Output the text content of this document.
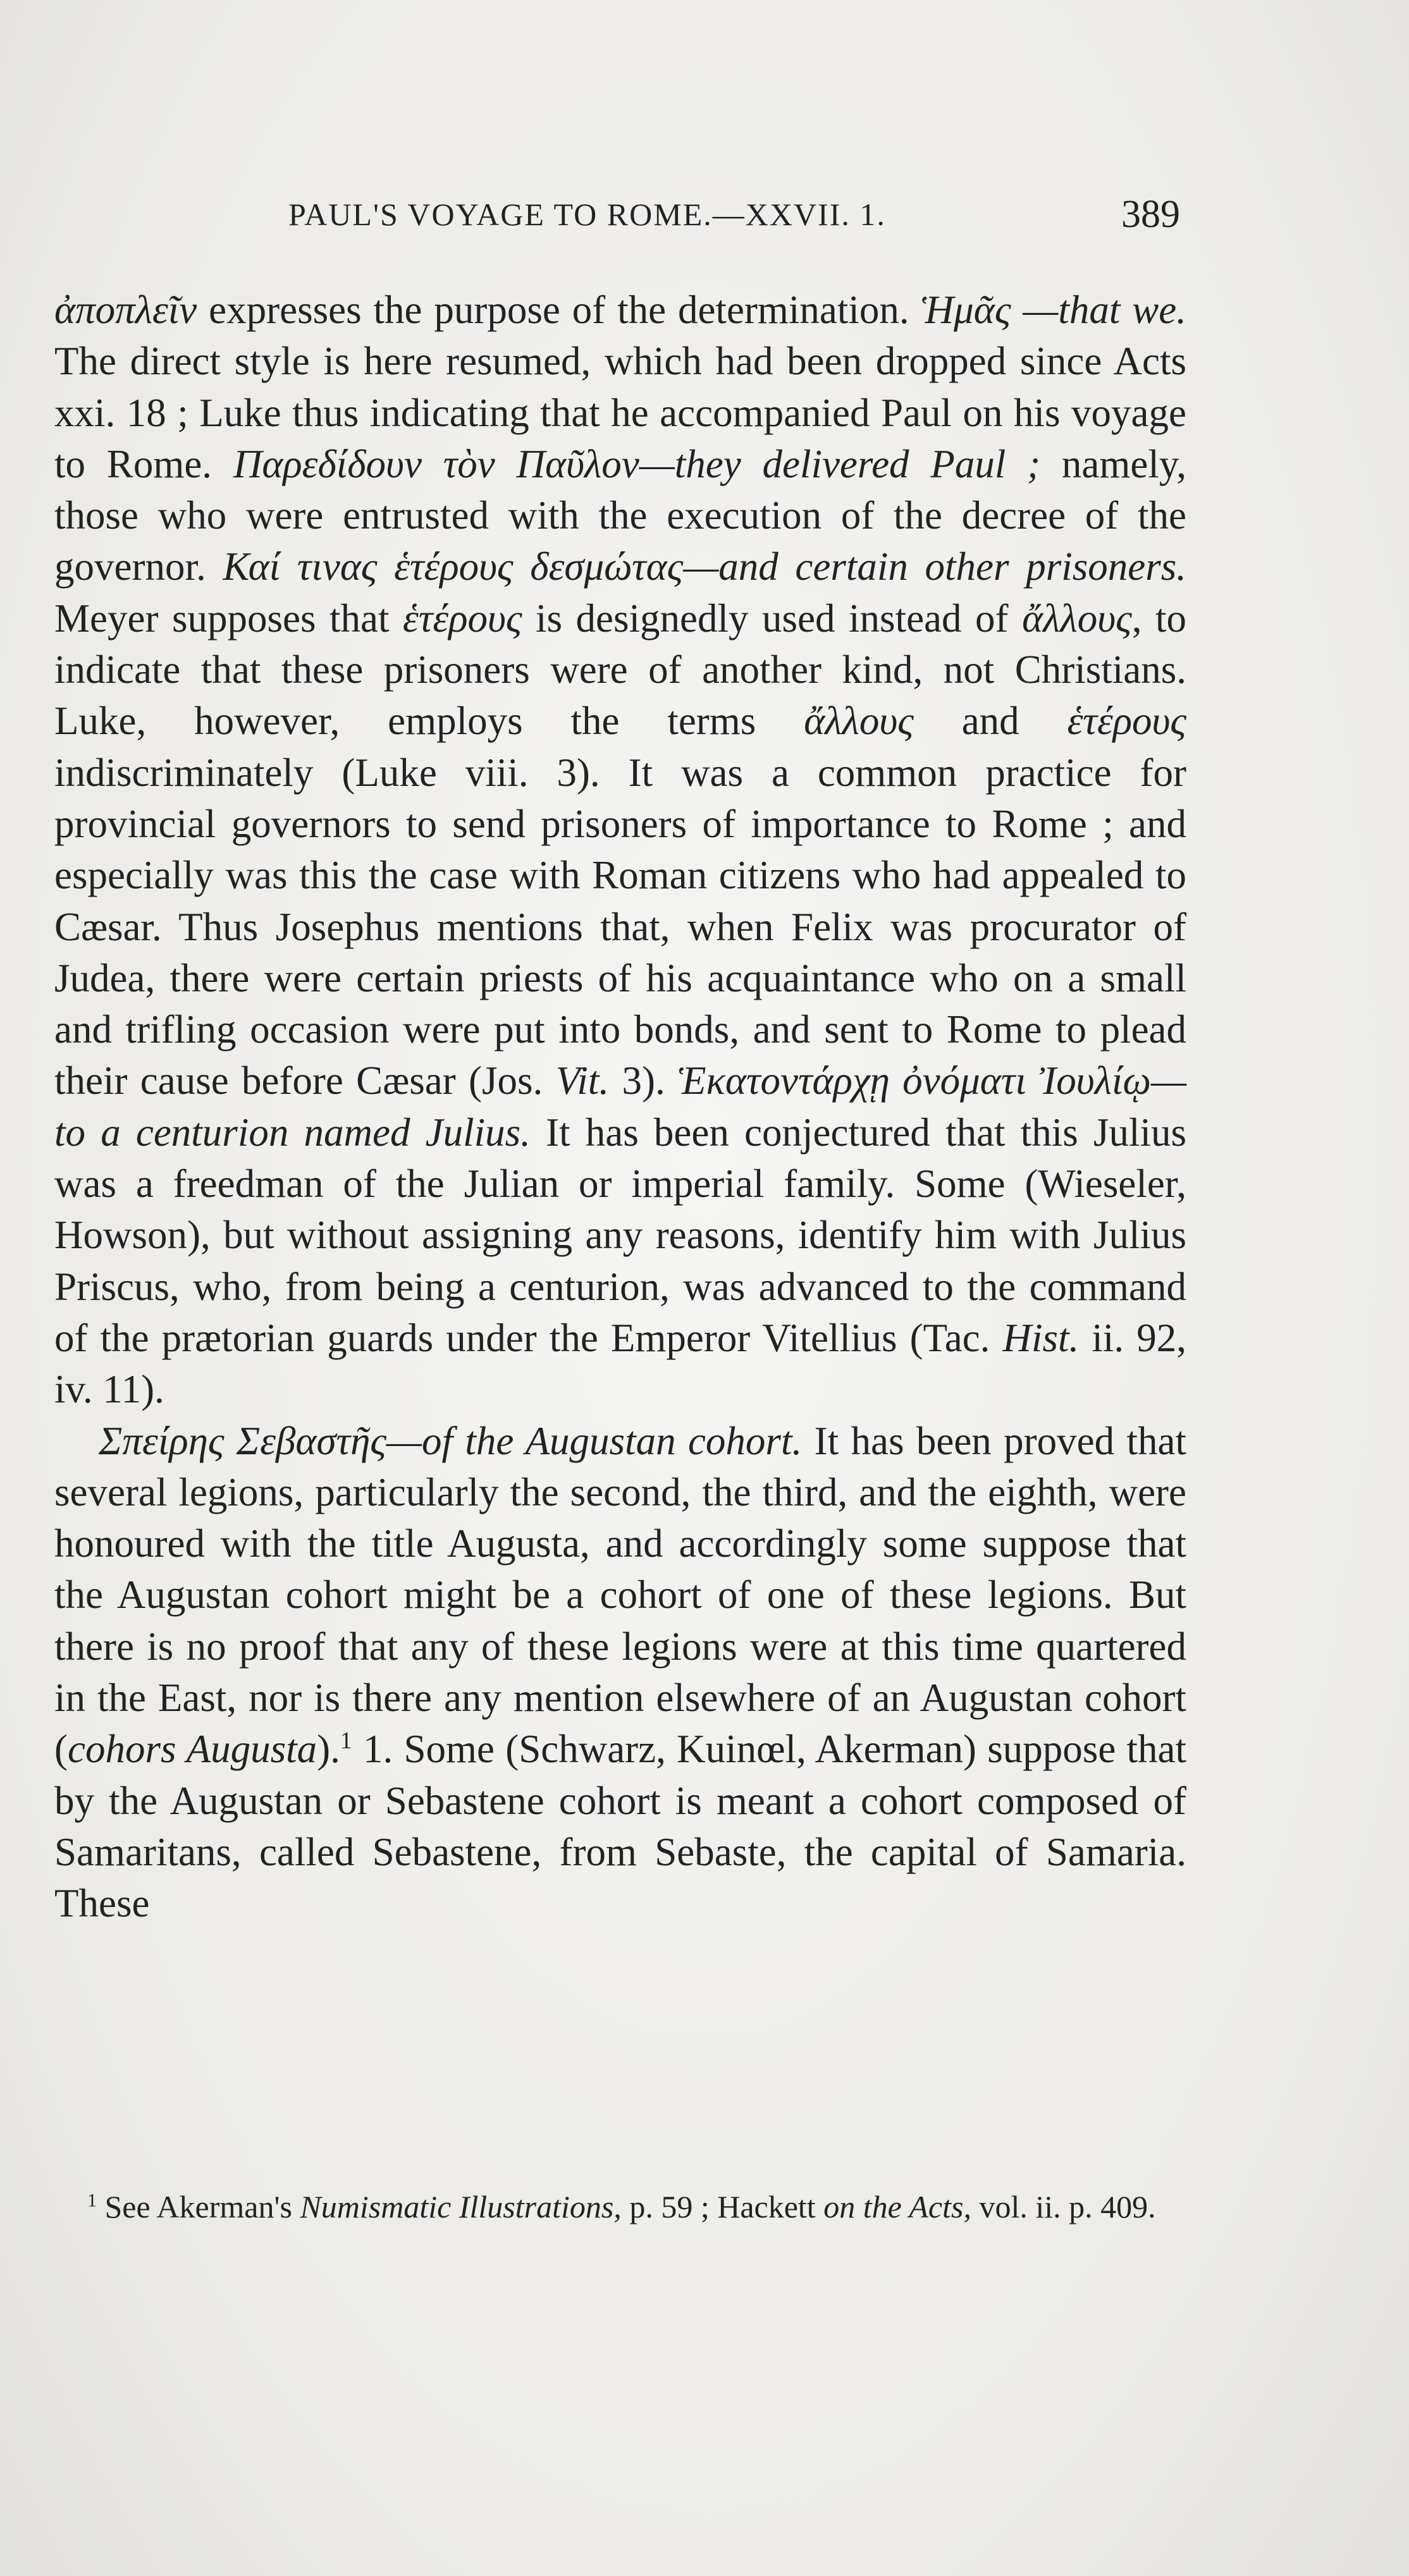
PAUL'S VOYAGE TO ROME.—XXVII. 1.	389

ἀποπλεῖν expresses the purpose of the determination. Ἡμᾶς —that we. The direct style is here resumed, which had been dropped since Acts xxi. 18 ; Luke thus indicating that he accompanied Paul on his voyage to Rome. Παρεδίδουν τὸν Παῦλον—they delivered Paul ; namely, those who were entrusted with the execution of the decree of the governor. Καί τινας ἑτέρους δεσμώτας—and certain other prisoners. Meyer supposes that ἑτέρους is designedly used instead of ἄλλους, to indicate that these prisoners were of another kind, not Christians. Luke, however, employs the terms ἄλλους and ἑτέρους indiscriminately (Luke viii. 3). It was a common practice for provincial governors to send prisoners of importance to Rome ; and especially was this the case with Roman citizens who had appealed to Cæsar. Thus Josephus mentions that, when Felix was procurator of Judea, there were certain priests of his acquaintance who on a small and trifling occasion were put into bonds, and sent to Rome to plead their cause before Cæsar (Jos. Vit. 3). Ἑκατοντάρχῃ ὀνόματι Ἰουλίῳ—to a centurion named Julius. It has been conjectured that this Julius was a freedman of the Julian or imperial family. Some (Wieseler, Howson), but without assigning any reasons, identify him with Julius Priscus, who, from being a centurion, was advanced to the command of the prætorian guards under the Emperor Vitellius (Tac. Hist. ii. 92, iv. 11).

Σπείρης Σεβαστῆς—of the Augustan cohort. It has been proved that several legions, particularly the second, the third, and the eighth, were honoured with the title Augusta, and accordingly some suppose that the Augustan cohort might be a cohort of one of these legions. But there is no proof that any of these legions were at this time quartered in the East, nor is there any mention elsewhere of an Augustan cohort (cohors Augusta).$^1$ 1. Some (Schwarz, Kuinœl, Akerman) suppose that by the Augustan or Sebastene cohort is meant a cohort composed of Samaritans, called Sebastene, from Sebaste, the capital of Samaria. These

$^1$ See Akerman's Numismatic Illustrations, p. 59 ; Hackett on the Acts, vol. ii. p. 409.
